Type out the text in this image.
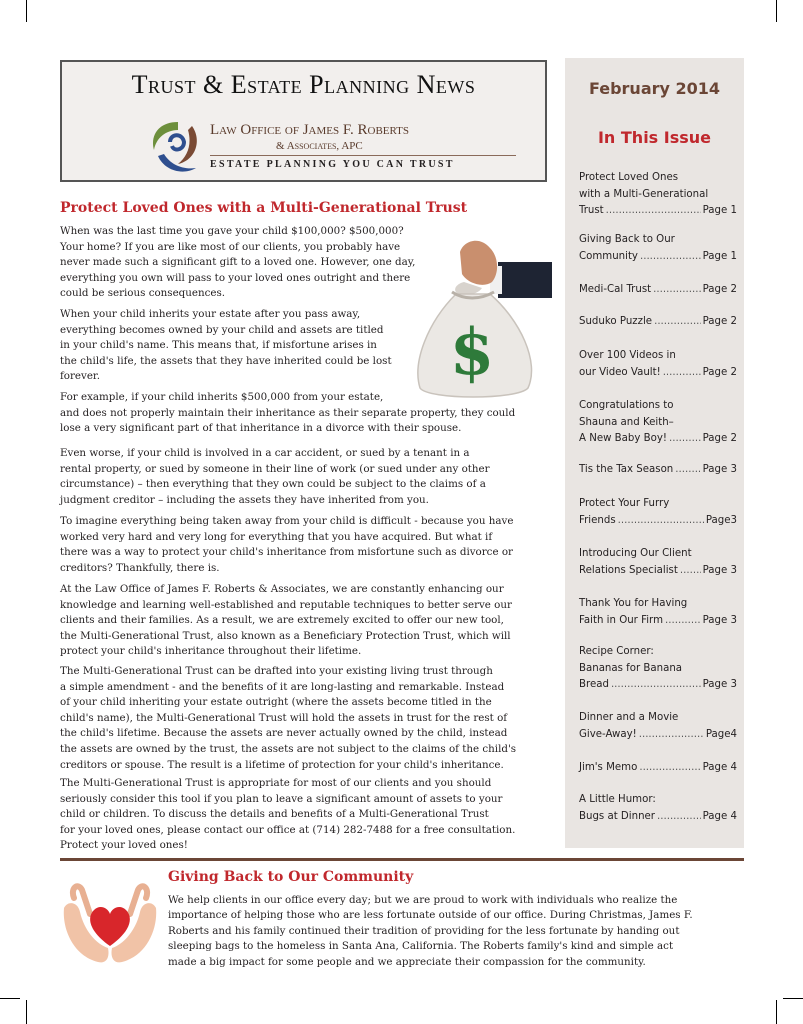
Trust & Estate Planning News
Law Office of James F. Roberts
& Associates, APC
ESTATE PLANNING YOU CAN TRUST
February 2014
In This Issue
Protect Loved Ones
with a Multi-Generational
Trust .....	Page 1
Giving Back to Our
Community .....	Page 1
Medi-Cal Trust .....	Page 2
Suduko Puzzle .....	Page 2
Over 100 Videos in
our Video Vault! .....	Page 2
Congratulations to
Shauna and Keith–
A New Baby Boy! .....	Page 2
Tis the Tax Season .....	Page 3
Protect Your Furry
Friends .....	Page3
Introducing Our Client
Relations Specialist ..... Page 3
Thank You for Having
Faith in Our Firm .....	Page 3
Recipe Corner:
Bananas for Banana
Bread .....	Page 3
Dinner and a Movie
Give-Away! .....	Page4
Jim's Memo .....	Page 4
A Little Humor:
Bugs at Dinner .....	Page 4
Protect Loved Ones with a Multi-Generational Trust
$
When was the last time you gave your child $100,000? $500,000?
Your home? If you are like most of our clients, you probably have
never made such a significant gift to a loved one. However, one day,
everything you own will pass to your loved ones outright and there
could be serious consequences.
When your child inherits your estate after you pass away,
everything becomes owned by your child and assets are titled
in your child's name. This means that, if misfortune arises in
the child's life, the assets that they have inherited could be lost
forever.
For example, if your child inherits $500,000 from your estate,
and does not properly maintain their inheritance as their separate property, they could
lose a very significant part of that inheritance in a divorce with their spouse.
Even worse, if your child is involved in a car accident, or sued by a tenant in a
rental property, or sued by someone in their line of work (or sued under any other
circumstance) – then everything that they own could be subject to the claims of a
judgment creditor – including the assets they have inherited from you.
To imagine everything being taken away from your child is difficult - because you have
worked very hard and very long for everything that you have acquired. But what if
there was a way to protect your child's inheritance from misfortune such as divorce or
creditors? Thankfully, there is.
At the Law Office of James F. Roberts & Associates, we are constantly enhancing our
knowledge and learning well-established and reputable techniques to better serve our
clients and their families. As a result, we are extremely excited to offer our new tool,
the Multi-Generational Trust, also known as a Beneficiary Protection Trust, which will
protect your child's inheritance throughout their lifetime.
The Multi-Generational Trust can be drafted into your existing living trust through
a simple amendment - and the benefits of it are long-lasting and remarkable. Instead
of your child inheriting your estate outright (where the assets become titled in the
child's name), the Multi-Generational Trust will hold the assets in trust for the rest of
the child's lifetime. Because the assets are never actually owned by the child, instead
the assets are owned by the trust, the assets are not subject to the claims of the child's
creditors or spouse. The result is a lifetime of protection for your child's inheritance.
The Multi-Generational Trust is appropriate for most of our clients and you should
seriously consider this tool if you plan to leave a significant amount of assets to your
child or children. To discuss the details and benefits of a Multi-Generational Trust
for your loved ones, please contact our office at (714) 282-7488 for a free consultation.
Protect your loved ones!
Giving Back to Our Community
We help clients in our office every day; but we are proud to work with individuals who realize the
importance of helping those who are less fortunate outside of our office. During Christmas, James F.
Roberts and his family continued their tradition of providing for the less fortunate by handing out
sleeping bags to the homeless in Santa Ana, California. The Roberts family's kind and simple act
made a big impact for some people and we appreciate their compassion for the community.
